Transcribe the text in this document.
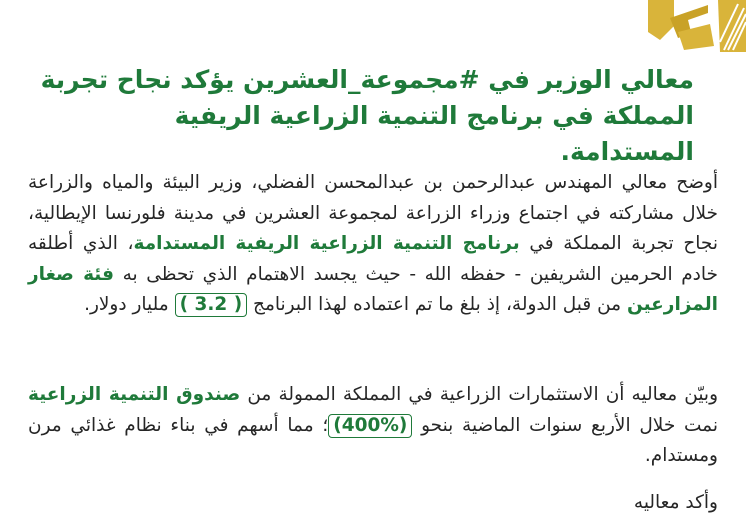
معالي الوزير في #مجموعة_العشرين يؤكد نجاح تجربة
المملكة في برنامج التنمية الزراعية الريفية المستدامة.
أوضح معالي المهندس عبدالرحمن بن عبدالمحسن الفضلي، وزير البيئة والمياه والزراعة خلال مشاركته في اجتماع وزراء الزراعة لمجموعة العشرين في مدينة فلورنسا الإيطالية، نجاح تجربة المملكة في برنامج التنمية الزراعية الريفية المستدامة، الذي أطلقه خادم الحرمين الشريفين - حفظه الله - حيث يجسد الاهتمام الذي تحظى به فئة صغار المزارعين من قبل الدولة، إذ بلغ ما تم اعتماده لهذا البرنامج ( 3.2 ) مليار دولار.
وبيّن معاليه أن الاستثمارات الزراعية في المملكة الممولة من صندوق التنمية الزراعية نمت خلال الأربع سنوات الماضية بنحو (400%)؛ مما أسهم في بناء نظام غذائي مرن ومستدام.
وأكد معاليه
